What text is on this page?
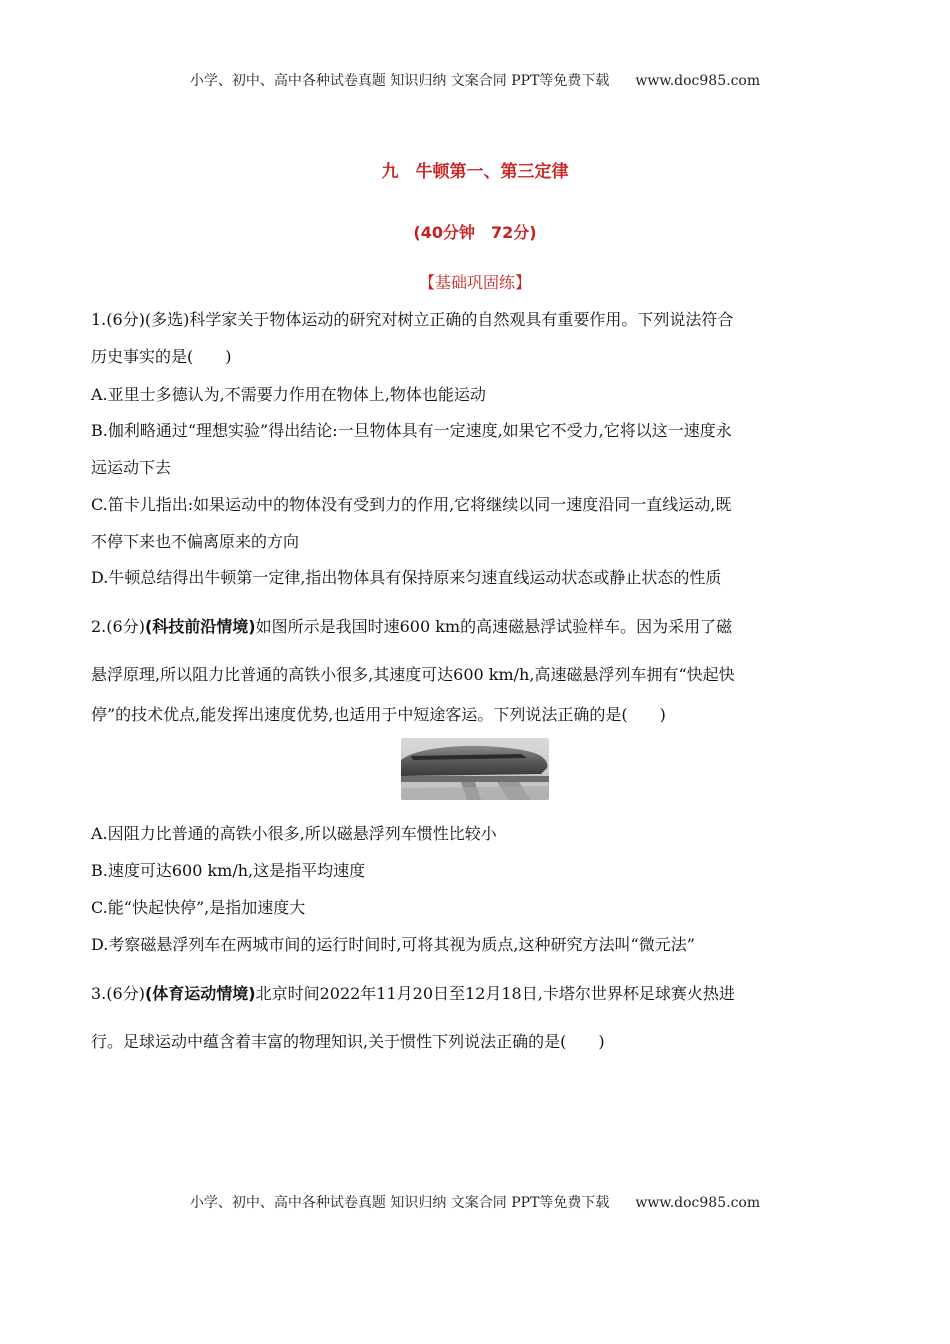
小学、初中、高中各种试卷真题 知识归纳 文案合同 PPT等免费下载 www.doc985.com
九　牛顿第一、第三定律
(40分钟　72分)
【基础巩固练】
1.(6分)(多选)科学家关于物体运动的研究对树立正确的自然观具有重要作用。下列说法符合
历史事实的是(　　)
A.亚里士多德认为,不需要力作用在物体上,物体也能运动
B.伽利略通过“理想实验”得出结论:一旦物体具有一定速度,如果它不受力,它将以这一速度永
远运动下去
C.笛卡儿指出:如果运动中的物体没有受到力的作用,它将继续以同一速度沿同一直线运动,既
不停下来也不偏离原来的方向
D.牛顿总结得出牛顿第一定律,指出物体具有保持原来匀速直线运动状态或静止状态的性质
2.(6分)(科技前沿情境)如图所示是我国时速600 km的高速磁悬浮试验样车。因为采用了磁
悬浮原理,所以阻力比普通的高铁小很多,其速度可达600 km/h,高速磁悬浮列车拥有“快起快
停”的技术优点,能发挥出速度优势,也适用于中短途客运。下列说法正确的是(　　)
A.因阻力比普通的高铁小很多,所以磁悬浮列车惯性比较小
B.速度可达600 km/h,这是指平均速度
C.能“快起快停”,是指加速度大
D.考察磁悬浮列车在两城市间的运行时间时,可将其视为质点,这种研究方法叫“微元法”
3.(6分)(体育运动情境)北京时间2022年11月20日至12月18日,卡塔尔世界杯足球赛火热进
行。足球运动中蕴含着丰富的物理知识,关于惯性下列说法正确的是(　　)
小学、初中、高中各种试卷真题 知识归纳 文案合同 PPT等免费下载 www.doc985.com
